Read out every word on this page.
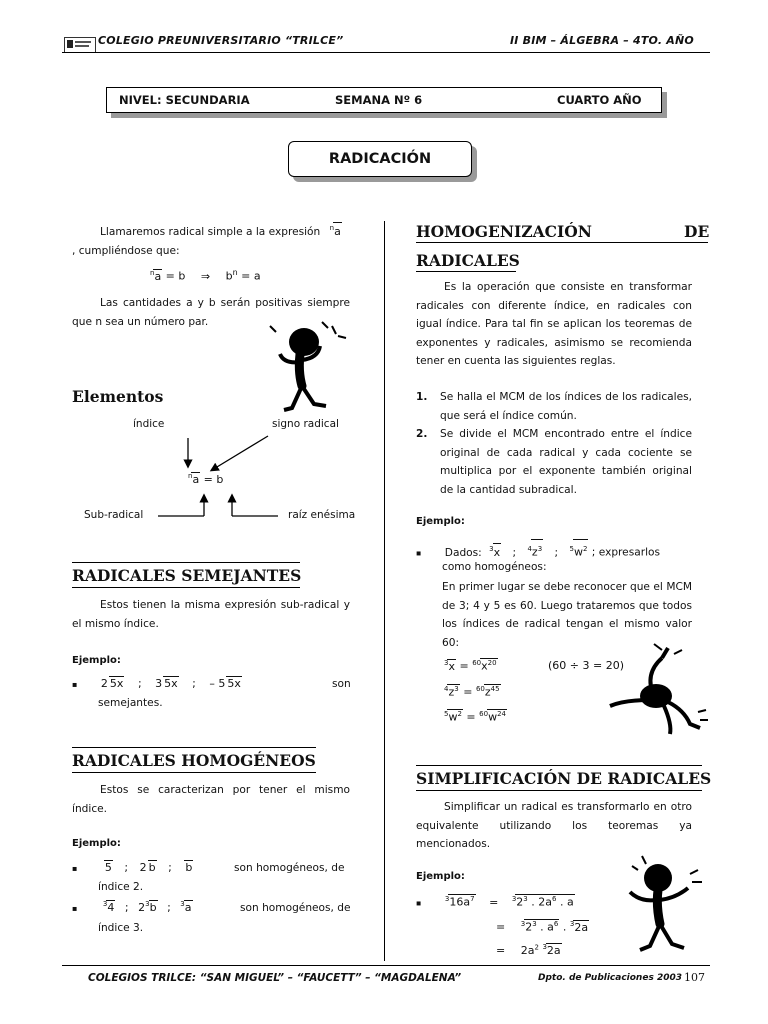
COLEGIO PREUNIVERSITARIO “TRILCE”	II BIM – ÁLGEBRA – 4TO. AÑO
NIVEL: SECUNDARIA	SEMANA Nº 6	CUARTO AÑO
RADICACIÓN
Llamaremos radical simple a la expresión $^n$a
, cumpliéndose que:
$^n$a = b ⇒ $b^n = a$
Las cantidades a y b serán positivas siempre que n sea un número par.
Elementos
índice	signo radical
$^n$a = b
Sub-radical	raíz enésima
RADICALES SEMEJANTES
Estos tienen la misma expresión sub-radical y el mismo índice.
Ejemplo:
▪ 2 5x ; 3 5x ; – 5 5x	son
semejantes.
RADICALES HOMOGÉNEOS
Estos se caracterizan por tener el mismo índice.
Ejemplo:
▪	5 ; 2 b ; b	son homogéneos, de
índice 2.
▪	$^3$4 ; $2^3b$ ; $^3$a	son homogéneos, de
índice 3.
HOMOGENIZACIÓN	DE
RADICALES
Es la operación que consiste en transformar radicales con diferente índice, en radicales con igual índice. Para tal fin se aplican los teoremas de exponentes y radicales, asimismo se recomienda tener en cuenta las siguientes reglas.
1. Se halla el MCM de los índices de los radicales, que será el índice común.
2. Se divide el MCM encontrado entre el índice original de cada radical y cada cociente se multiplica por el exponente también original de la cantidad subradical.
Ejemplo:
▪ Dados: $^3$x ; $^4z^3$ ; $^5w^2$ ; expresarlos
como homogéneos:
En primer lugar se debe reconocer que el MCM de 3; 4 y 5 es 60. Luego trataremos que todos los índices de radical tengan el mismo valor 60:
$^3x = ^{60}x^{20}$	(60 ÷ 3 = 20)
$^4z^3 = ^{60}z^{45}$
$^5w^2 = ^{60}w^{24}$
SIMPLIFICACIÓN DE RADICALES
Simplificar un radical es transformarlo en otro equivalente utilizando los teoremas ya mencionados.
Ejemplo:
▪	$^316a^7 = ^32^3$ . $2a^6$ . a
= $^32^3$ . $a^6$ . $^3$2a
= $2a^2$ $^3$2a
COLEGIOS TRILCE: “SAN MIGUEL” – “FAUCETT” – “MAGDALENA”	Dpto. de Publicaciones 2003 107
